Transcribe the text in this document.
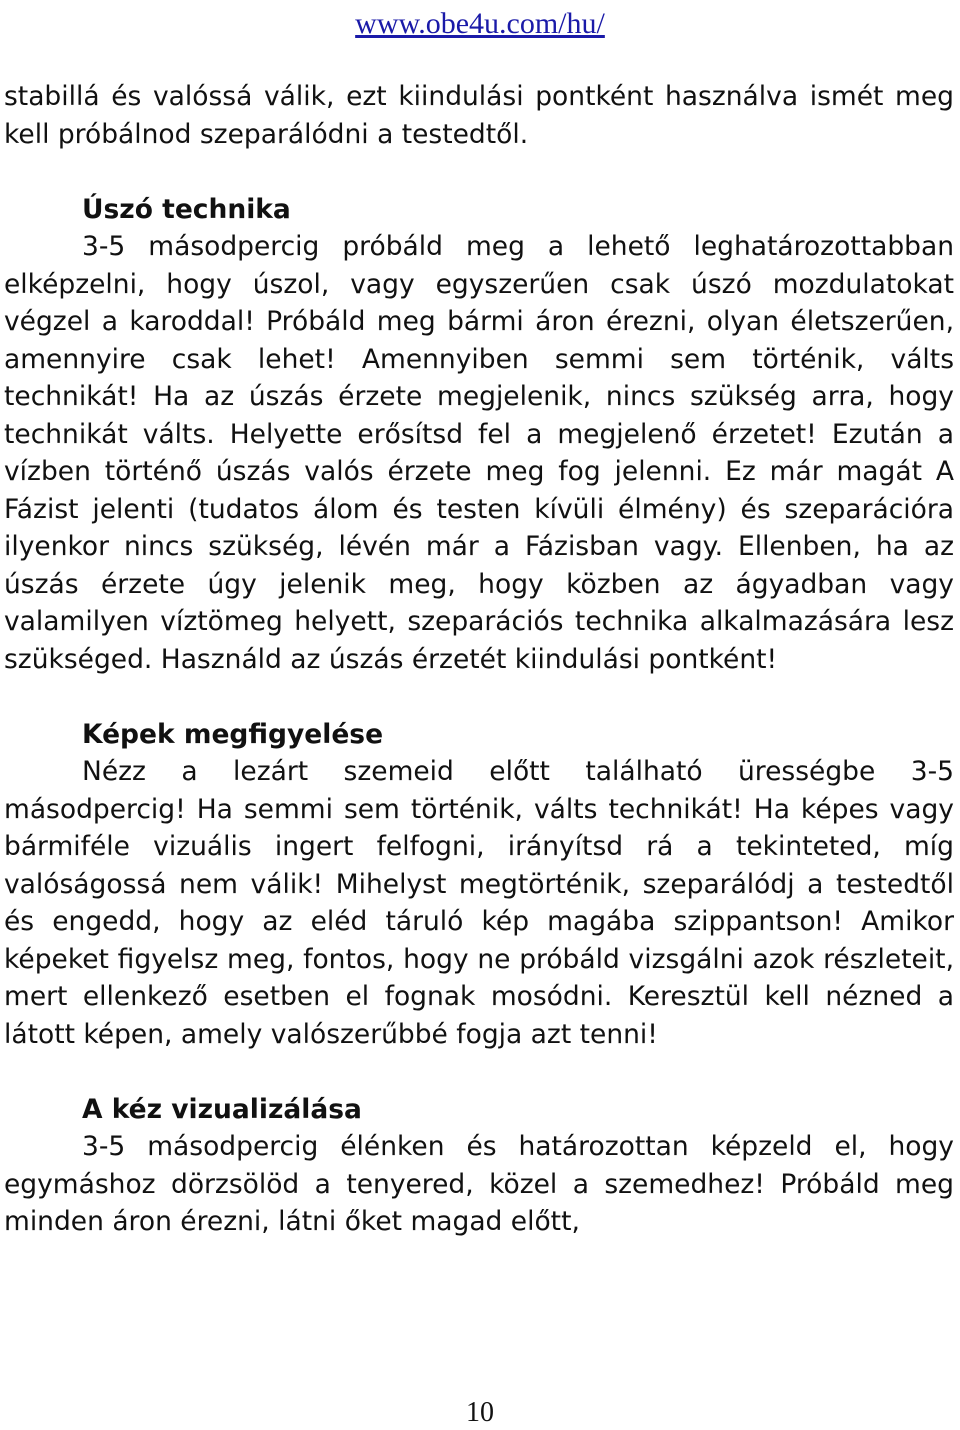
www.obe4u.com/hu/

stabillá és valóssá válik, ezt kiindulási pontként használva ismét meg kell próbálnod szeparálódni a testedtől.

Úszó technika

3-5 másodpercig próbáld meg a lehető leghatározottabban elképzelni, hogy úszol, vagy egyszerűen csak úszó mozdulatokat végzel a karoddal! Próbáld meg bármi áron érezni, olyan életszerűen, amennyire csak lehet! Amennyiben semmi sem történik, válts technikát! Ha az úszás érzete megjelenik, nincs szükség arra, hogy technikát válts. Helyette erősítsd fel a megjelenő érzetet! Ezután a vízben történő úszás valós érzete meg fog jelenni. Ez már magát A Fázist jelenti (tudatos álom és testen kívüli élmény) és szeparációra ilyenkor nincs szükség, lévén már a Fázisban vagy. Ellenben, ha az úszás érzete úgy jelenik meg, hogy közben az ágyadban vagy valamilyen víztömeg helyett, szeparációs technika alkalmazására lesz szükséged. Használd az úszás érzetét kiindulási pontként!

Képek megfigyelése

Nézz a lezárt szemeid előtt található ürességbe 3-5 másodpercig! Ha semmi sem történik, válts technikát! Ha képes vagy bármiféle vizuális ingert felfogni, irányítsd rá a tekinteted, míg valóságossá nem válik! Mihelyst megtörténik, szeparálódj a testedtől és engedd, hogy az eléd táruló kép magába szippantson! Amikor képeket figyelsz meg, fontos, hogy ne próbáld vizsgálni azok részleteit, mert ellenkező esetben el fognak mosódni. Keresztül kell nézned a látott képen, amely valószerűbbé fogja azt tenni!

A kéz vizualizálása

3-5 másodpercig élénken és határozottan képzeld el, hogy egymáshoz dörzsölöd a tenyered, közel a szemedhez! Próbáld meg minden áron érezni, látni őket magad előtt,

10
